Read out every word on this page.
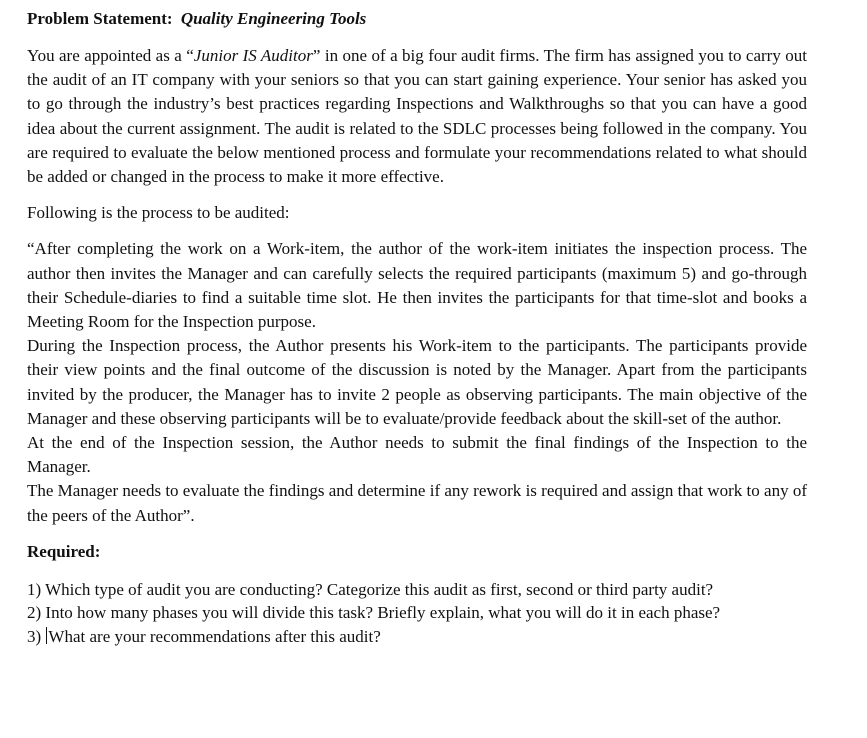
Problem Statement: Quality Engineering Tools

You are appointed as a “Junior IS Auditor” in one of a big four audit firms. The firm has assigned you to carry out the audit of an IT company with your seniors so that you can start gaining experience. Your senior has asked you to go through the industry’s best practices regarding Inspections and Walkthroughs so that you can have a good idea about the current assignment. The audit is related to the SDLC processes being followed in the company. You are required to evaluate the below mentioned process and formulate your recommendations related to what should be added or changed in the process to make it more effective.

Following is the process to be audited:

“After completing the work on a Work-item, the author of the work-item initiates the inspection process. The author then invites the Manager and can carefully selects the required participants (maximum 5) and go-through their Schedule-diaries to find a suitable time slot. He then invites the participants for that time-slot and books a Meeting Room for the Inspection purpose.

During the Inspection process, the Author presents his Work-item to the participants. The participants provide their view points and the final outcome of the discussion is noted by the Manager. Apart from the participants invited by the producer, the Manager has to invite 2 people as observing participants. The main objective of the Manager and these observing participants will be to evaluate/provide feedback about the skill-set of the author.

At the end of the Inspection session, the Author needs to submit the final findings of the Inspection to the Manager.

The Manager needs to evaluate the findings and determine if any rework is required and assign that work to any of the peers of the Author”.

Required:

1) Which type of audit you are conducting? Categorize this audit as first, second or third party audit?

2) Into how many phases you will divide this task? Briefly explain, what you will do it in each phase?

3) What are your recommendations after this audit?
